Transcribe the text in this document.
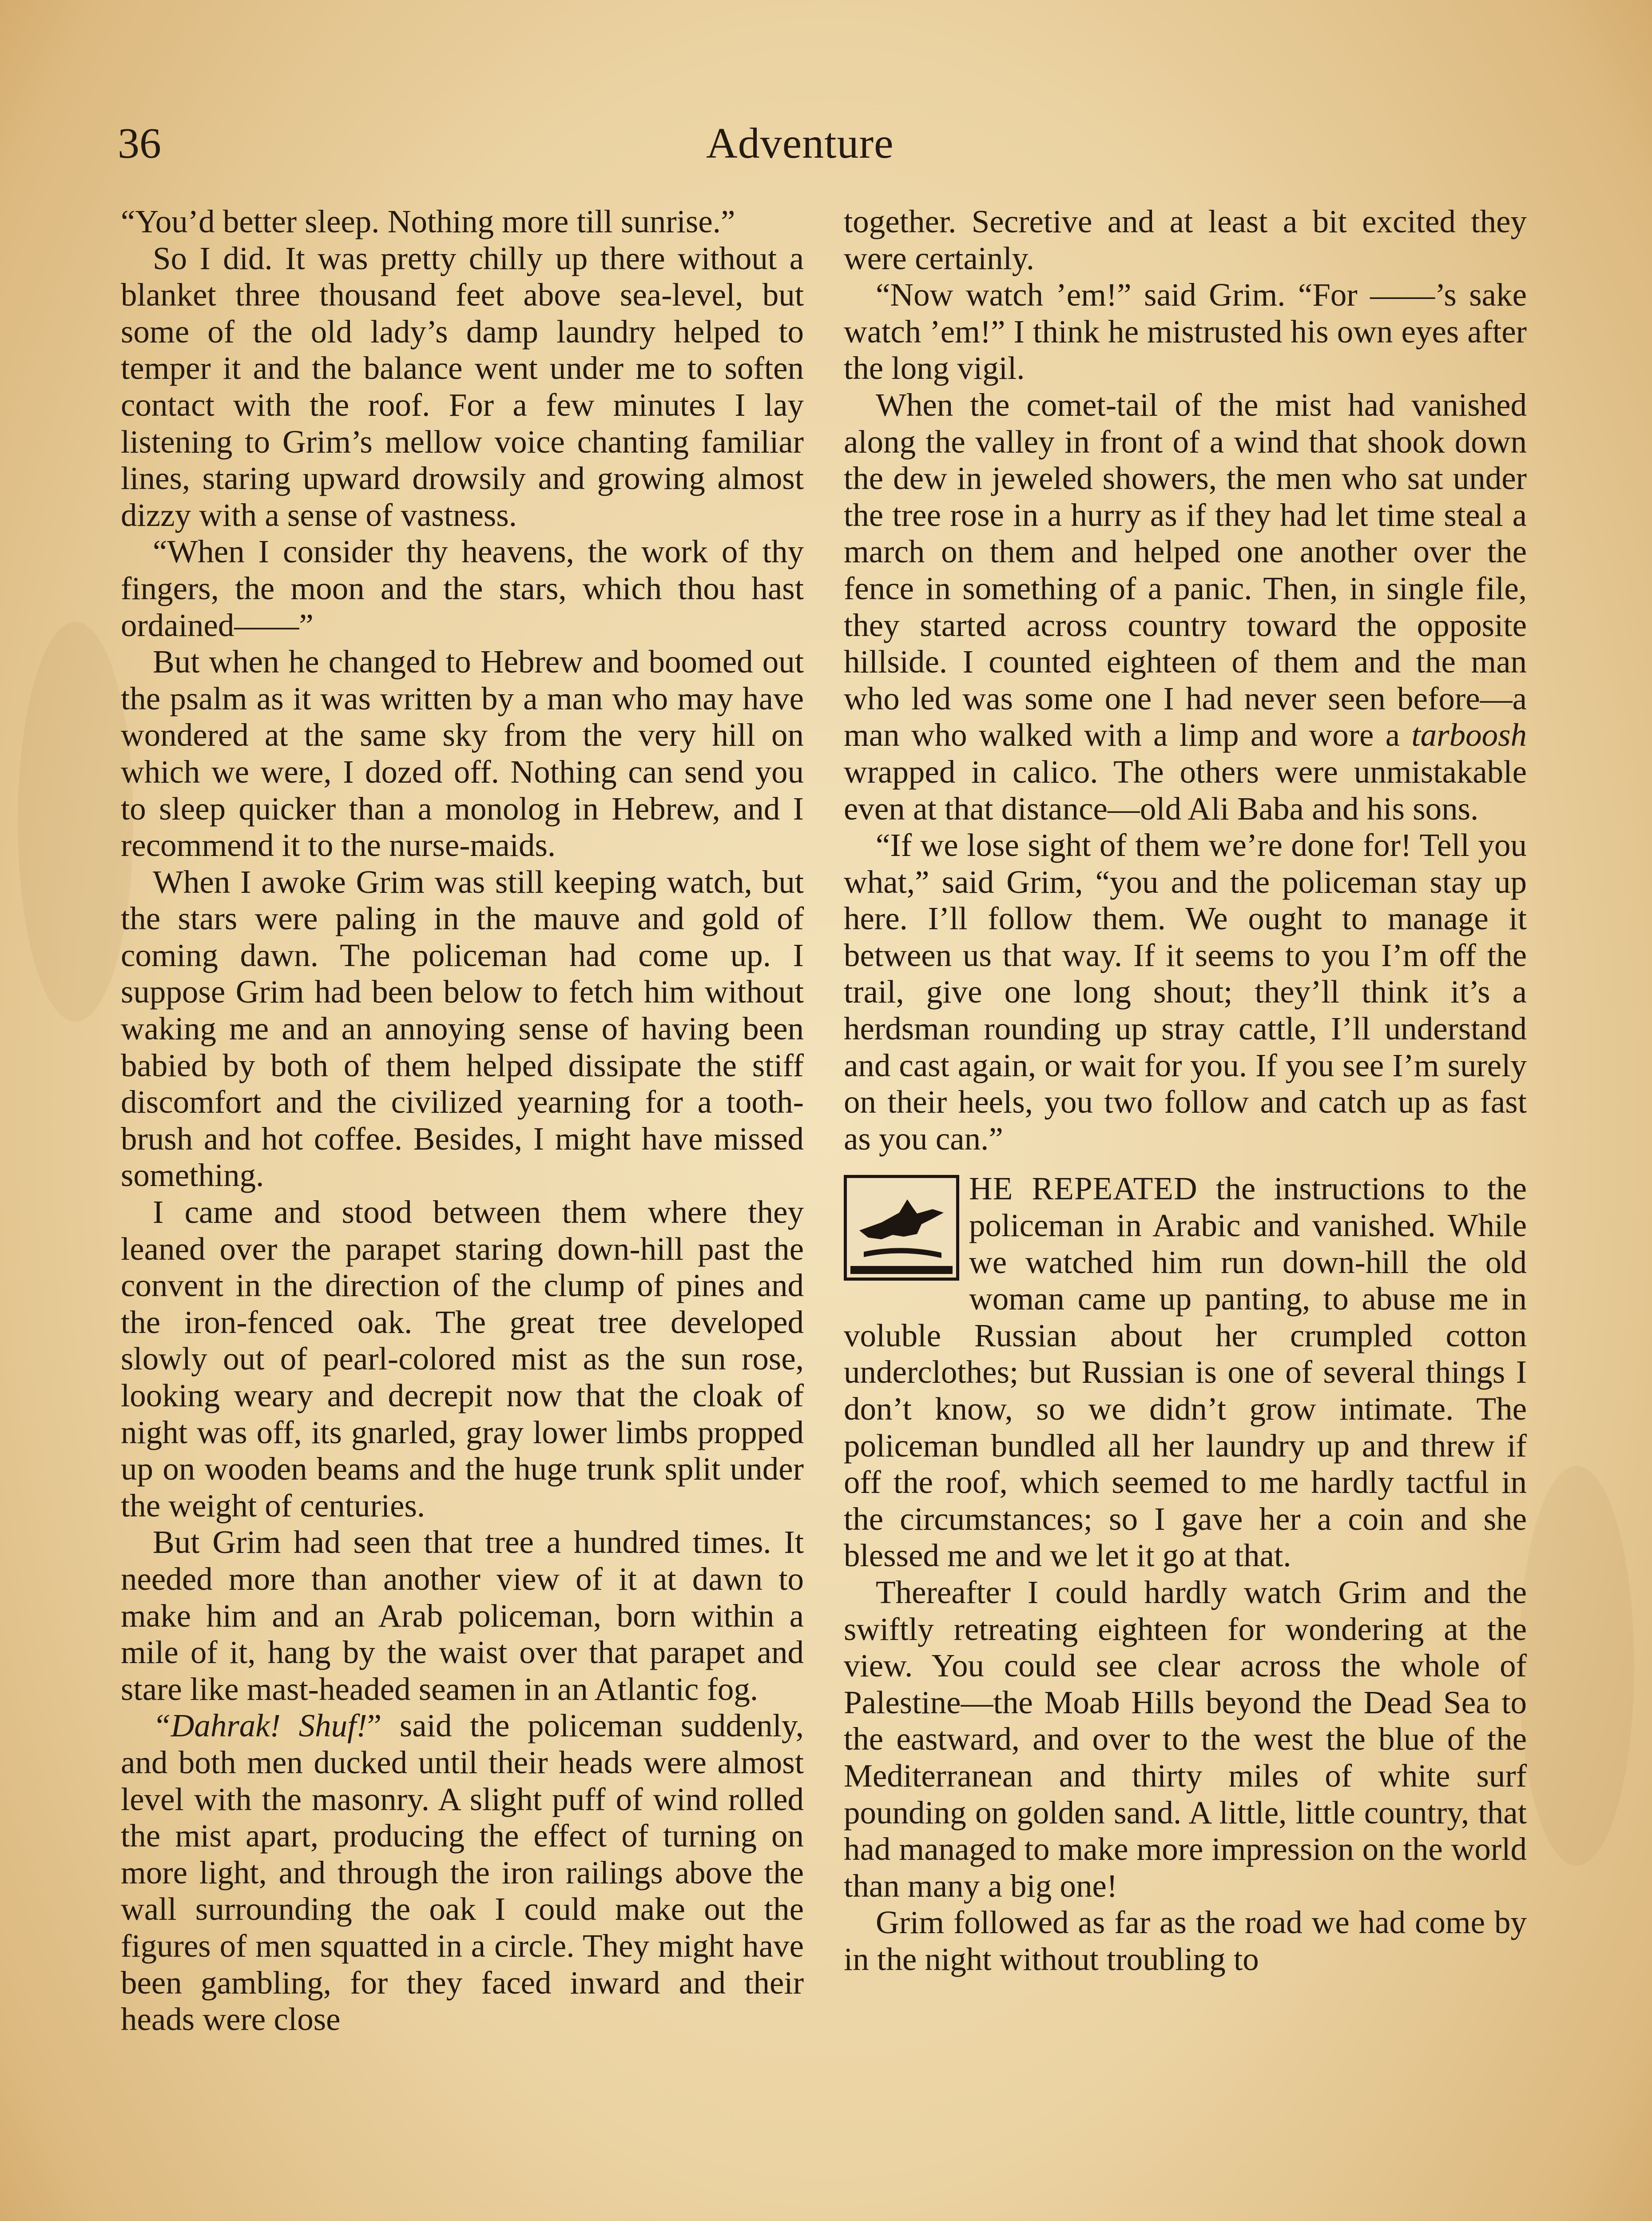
36	Adventure

“You’d better sleep. Nothing more till sunrise.”

So I did. It was pretty chilly up there without a blanket three thousand feet above sea-level, but some of the old lady’s damp laundry helped to temper it and the balance went under me to soften contact with the roof. For a few minutes I lay listening to Grim’s mellow voice chanting familiar lines, staring upward drowsily and growing almost dizzy with a sense of vastness.

“When I consider thy heavens, the work of thy fingers, the moon and the stars, which thou hast ordained——”

But when he changed to Hebrew and boomed out the psalm as it was written by a man who may have wondered at the same sky from the very hill on which we were, I dozed off. Nothing can send you to sleep quicker than a monolog in Hebrew, and I recommend it to the nurse-maids.

When I awoke Grim was still keeping watch, but the stars were paling in the mauve and gold of coming dawn. The policeman had come up. I suppose Grim had been below to fetch him without waking me and an annoying sense of having been babied by both of them helped dissipate the stiff discomfort and the civilized yearning for a tooth-brush and hot coffee. Besides, I might have missed something.

I came and stood between them where they leaned over the parapet staring down-hill past the convent in the direction of the clump of pines and the iron-fenced oak. The great tree developed slowly out of pearl-colored mist as the sun rose, looking weary and decrepit now that the cloak of night was off, its gnarled, gray lower limbs propped up on wooden beams and the huge trunk split under the weight of centuries.

But Grim had seen that tree a hundred times. It needed more than another view of it at dawn to make him and an Arab policeman, born within a mile of it, hang by the waist over that parapet and stare like mast-headed seamen in an Atlantic fog.

“Dahrak! Shuf!” said the policeman suddenly, and both men ducked until their heads were almost level with the masonry. A slight puff of wind rolled the mist apart, producing the effect of turning on more light, and through the iron railings above the wall surrounding the oak I could make out the figures of men squatted in a circle. They might have been gambling, for they faced inward and their heads were close

together. Secretive and at least a bit excited they were certainly.

“Now watch ’em!” said Grim. “For ——’s sake watch ’em!” I think he mistrusted his own eyes after the long vigil.

When the comet-tail of the mist had vanished along the valley in front of a wind that shook down the dew in jeweled showers, the men who sat under the tree rose in a hurry as if they had let time steal a march on them and helped one another over the fence in something of a panic. Then, in single file, they started across country toward the opposite hillside. I counted eighteen of them and the man who led was some one I had never seen before—a man who walked with a limp and wore a tarboosh wrapped in calico. The others were unmistakable even at that distance—old Ali Baba and his sons.

“If we lose sight of them we’re done for! Tell you what,” said Grim, “you and the policeman stay up here. I’ll follow them. We ought to manage it between us that way. If it seems to you I’m off the trail, give one long shout; they’ll think it’s a herdsman rounding up stray cattle, I’ll understand and cast again, or wait for you. If you see I’m surely on their heels, you two follow and catch up as fast as you can.”

HE REPEATED the instructions to the policeman in Arabic and vanished. While we watched him run down-hill the old woman came up panting, to abuse me in voluble Russian about her crumpled cotton underclothes; but Russian is one of several things I don’t know, so we didn’t grow intimate. The policeman bundled all her laundry up and threw if off the roof, which seemed to me hardly tactful in the circumstances; so I gave her a coin and she blessed me and we let it go at that.

Thereafter I could hardly watch Grim and the swiftly retreating eighteen for wondering at the view. You could see clear across the whole of Palestine—the Moab Hills beyond the Dead Sea to the eastward, and over to the west the blue of the Mediterranean and thirty miles of white surf pounding on golden sand. A little, little country, that had managed to make more impression on the world than many a big one!

Grim followed as far as the road we had come by in the night without troubling to
